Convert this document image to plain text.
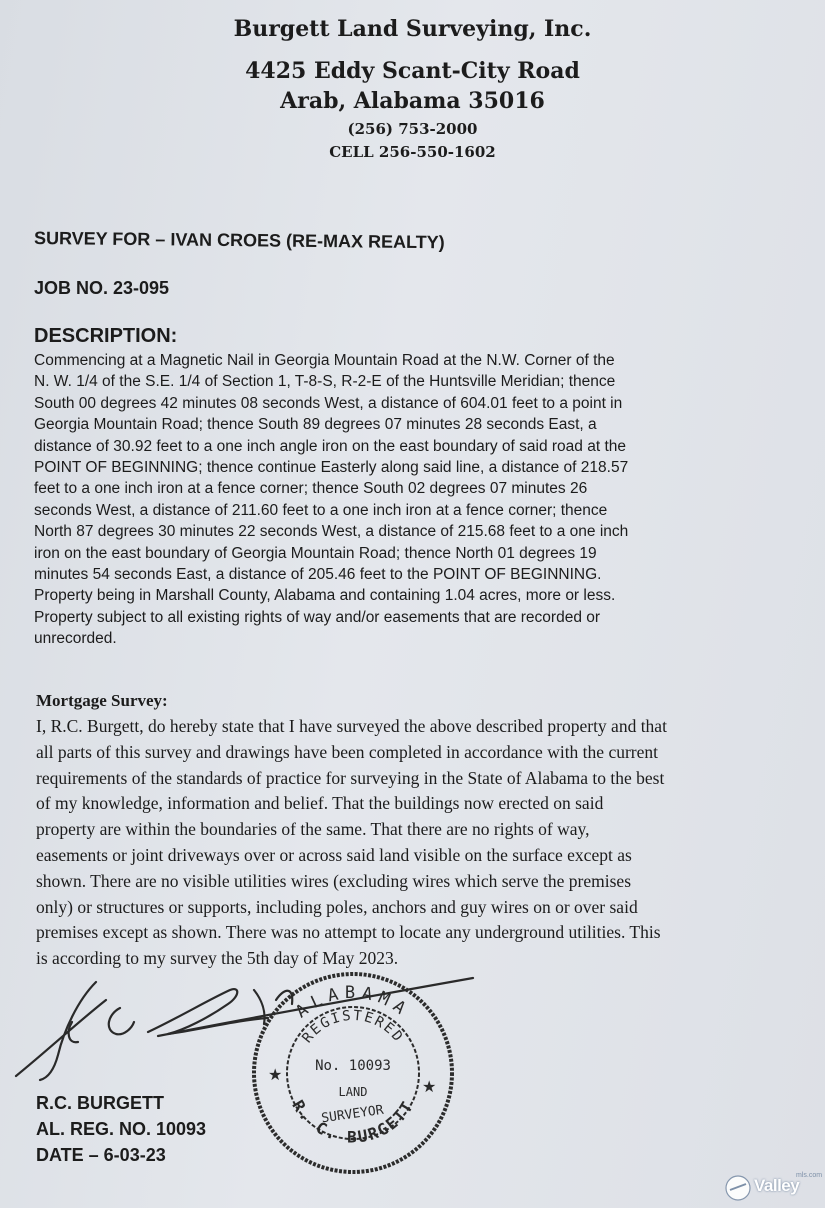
Burgett Land Surveying, Inc.
4425 Eddy Scant-City Road
Arab, Alabama 35016
(256) 753-2000
CELL 256-550-1602
SURVEY FOR – IVAN CROES (RE-MAX REALTY)
JOB NO. 23-095
DESCRIPTION:
Commencing at a Magnetic Nail in Georgia Mountain Road at the N.W. Corner of the
N. W. 1/4 of the S.E. 1/4 of Section 1, T-8-S, R-2-E of the Huntsville Meridian; thence
South 00 degrees 42 minutes 08 seconds West, a distance of 604.01 feet to a point in
Georgia Mountain Road; thence South 89 degrees 07 minutes 28 seconds East, a
distance of 30.92 feet to a one inch angle iron on the east boundary of said road at the
POINT OF BEGINNING; thence continue Easterly along said line, a distance of 218.57
feet to a one inch iron at a fence corner; thence South 02 degrees 07 minutes 26
seconds West, a distance of 211.60 feet to a one inch iron at a fence corner; thence
North 87 degrees 30 minutes 22 seconds West, a distance of 215.68 feet to a one inch
iron on the east boundary of Georgia Mountain Road; thence North 01 degrees 19
minutes 54 seconds East, a distance of 205.46 feet to the POINT OF BEGINNING.
Property being in Marshall County, Alabama and containing 1.04 acres, more or less.
Property subject to all existing rights of way and/or easements that are recorded or
unrecorded.
Mortgage Survey:
I, R.C. Burgett, do hereby state that I have surveyed the above described property and that
all parts of this survey and drawings have been completed in accordance with the current
requirements of the standards of practice for surveying in the State of Alabama to the best
of my knowledge, information and belief. That the buildings now erected on said
property are within the boundaries of the same. That there are no rights of way,
easements or joint driveways over or across said land visible on the surface except as
shown. There are no visible utilities wires (excluding wires which serve the premises
only) or structures or supports, including poles, anchors and guy wires on or over said
premises except as shown. There was no attempt to locate any underground utilities. This
is according to my survey the 5th day of May 2023.
ALABAMA
REGISTERED
No. 10093
LAND
SURVEYOR
R. C. BURGETT
★
★
R.C. BURGETT
AL. REG. NO. 10093
DATE – 6-03-23
mls.com
Valley
